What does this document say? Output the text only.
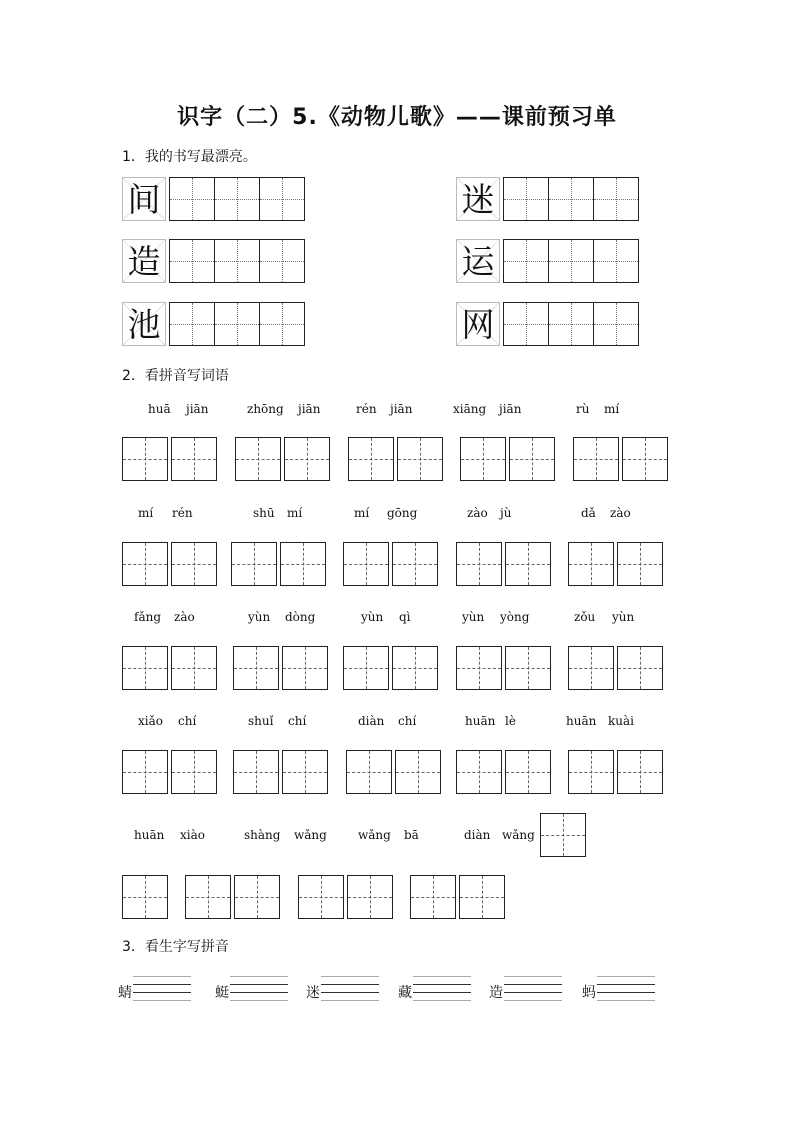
识字（二）5.《动物儿歌》——课前预习单
1．我的书写最漂亮。
间	迷
造	运
池	网
2．看拼音写词语
huā jiān	zhōng jiān	rén jiān	xiāng jiān	rù mí
mí rén	shū mí	mí gōng	zào jù	dǎ zào
fǎng zào	yùn dòng	yùn qì	yùn yòng	zǒu yùn
xiǎo chí	shuǐ chí	diàn chí	huān lè	huān kuài
huān xiào	shàng wǎng	wǎng bā	diàn wǎng
3．看生字写拼音
蜻	蜓	迷	藏	造	蚂
